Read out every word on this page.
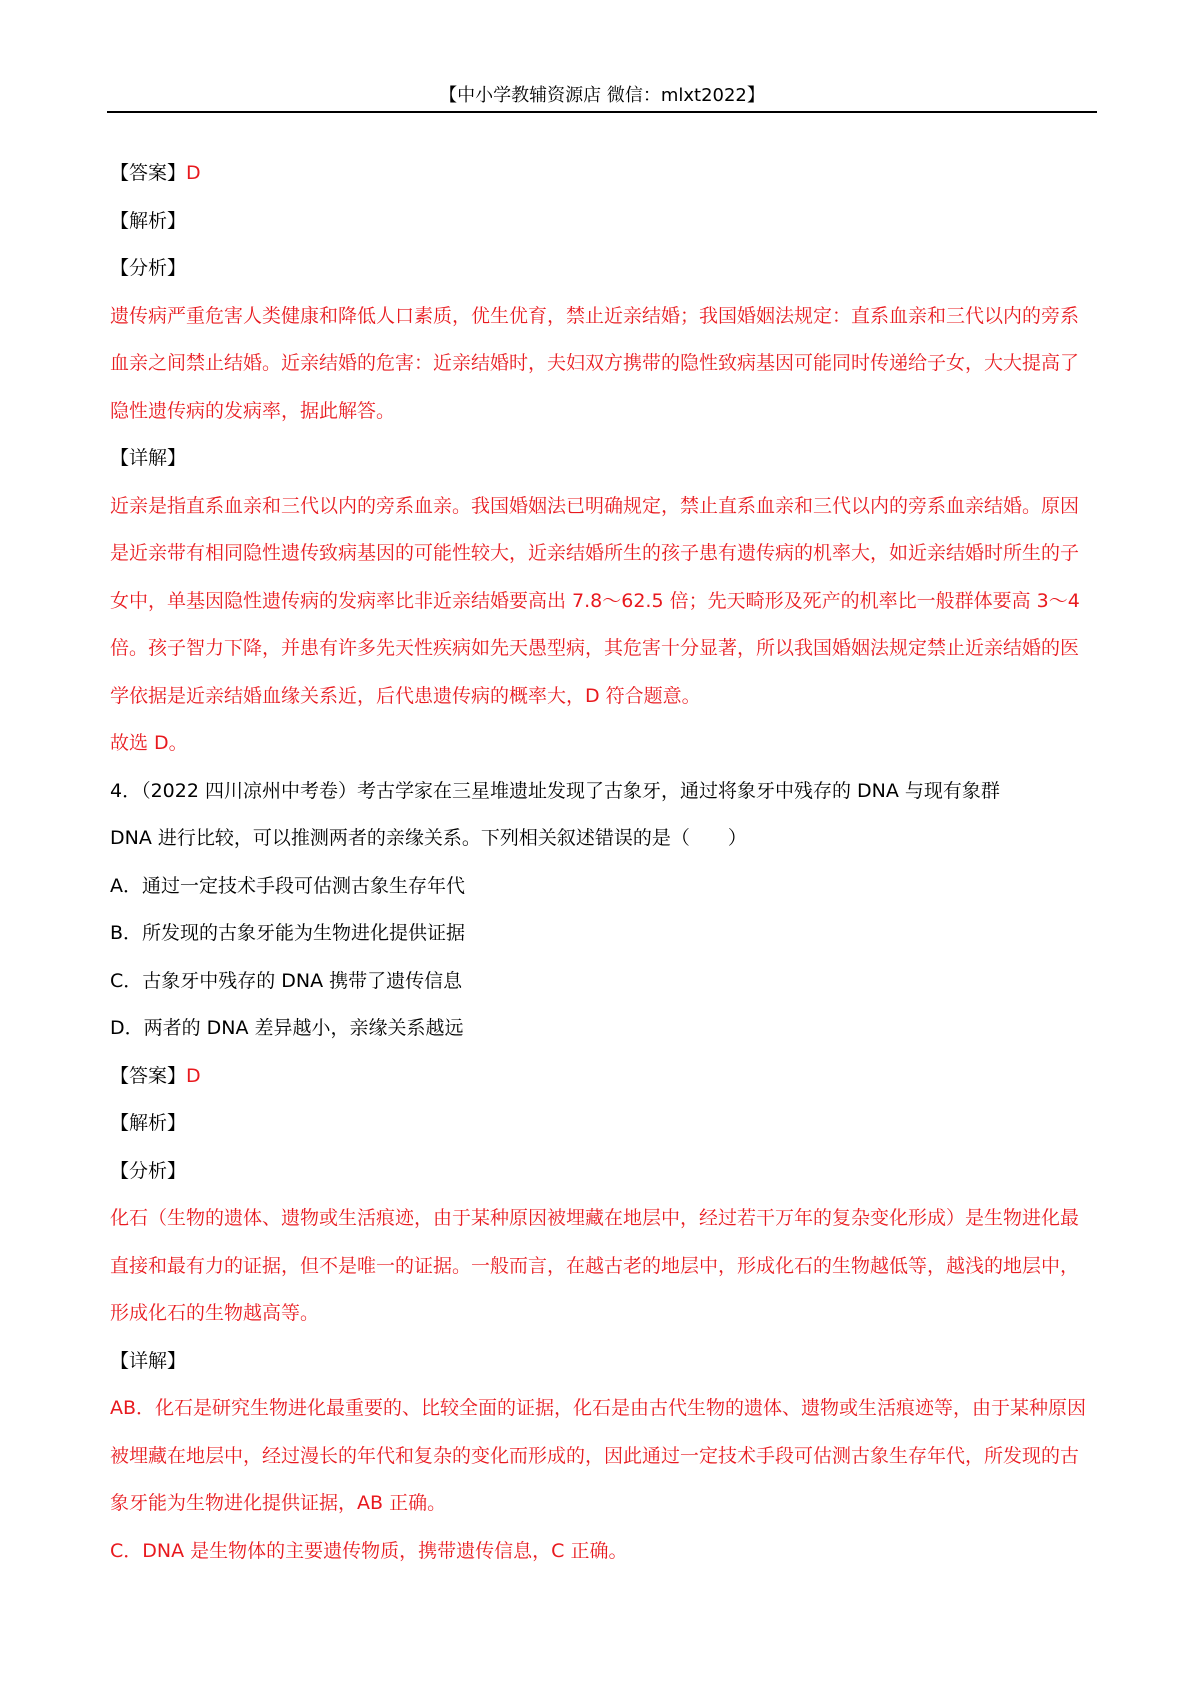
【中小学教辅资源店 微信：mlxt2022】

【答案】D

【解析】

【分析】

遗传病严重危害人类健康和降低人口素质，优生优育，禁止近亲结婚；我国婚姻法规定：直系血亲和三代以内的旁系血亲之间禁止结婚。近亲结婚的危害：近亲结婚时，夫妇双方携带的隐性致病基因可能同时传递给子女，大大提高了隐性遗传病的发病率，据此解答。

【详解】

近亲是指直系血亲和三代以内的旁系血亲。我国婚姻法已明确规定，禁止直系血亲和三代以内的旁系血亲结婚。原因是近亲带有相同隐性遗传致病基因的可能性较大，近亲结婚所生的孩子患有遗传病的机率大，如近亲结婚时所生的子女中，单基因隐性遗传病的发病率比非近亲结婚要高出 7.8～62.5 倍；先天畸形及死产的机率比一般群体要高 3～4 倍。孩子智力下降，并患有许多先天性疾病如先天愚型病，其危害十分显著，所以我国婚姻法规定禁止近亲结婚的医学依据是近亲结婚血缘关系近，后代患遗传病的概率大，D 符合题意。

故选 D。

4．（2022 四川凉州中考卷）考古学家在三星堆遗址发现了古象牙，通过将象牙中残存的 DNA 与现有象群

DNA 进行比较，可以推测两者的亲缘关系。下列相关叙述错误的是（　　）

A．通过一定技术手段可估测古象生存年代

B．所发现的古象牙能为生物进化提供证据

C．古象牙中残存的 DNA 携带了遗传信息

D．两者的 DNA 差异越小，亲缘关系越远

【答案】D

【解析】

【分析】

化石（生物的遗体、遗物或生活痕迹，由于某种原因被埋藏在地层中，经过若干万年的复杂变化形成）是生物进化最直接和最有力的证据，但不是唯一的证据。一般而言，在越古老的地层中，形成化石的生物越低等，越浅的地层中，形成化石的生物越高等。

【详解】

AB．化石是研究生物进化最重要的、比较全面的证据，化石是由古代生物的遗体、遗物或生活痕迹等，由于某种原因被埋藏在地层中，经过漫长的年代和复杂的变化而形成的，因此通过一定技术手段可估测古象生存年代，所发现的古象牙能为生物进化提供证据，AB 正确。

C．DNA 是生物体的主要遗传物质，携带遗传信息，C 正确。
